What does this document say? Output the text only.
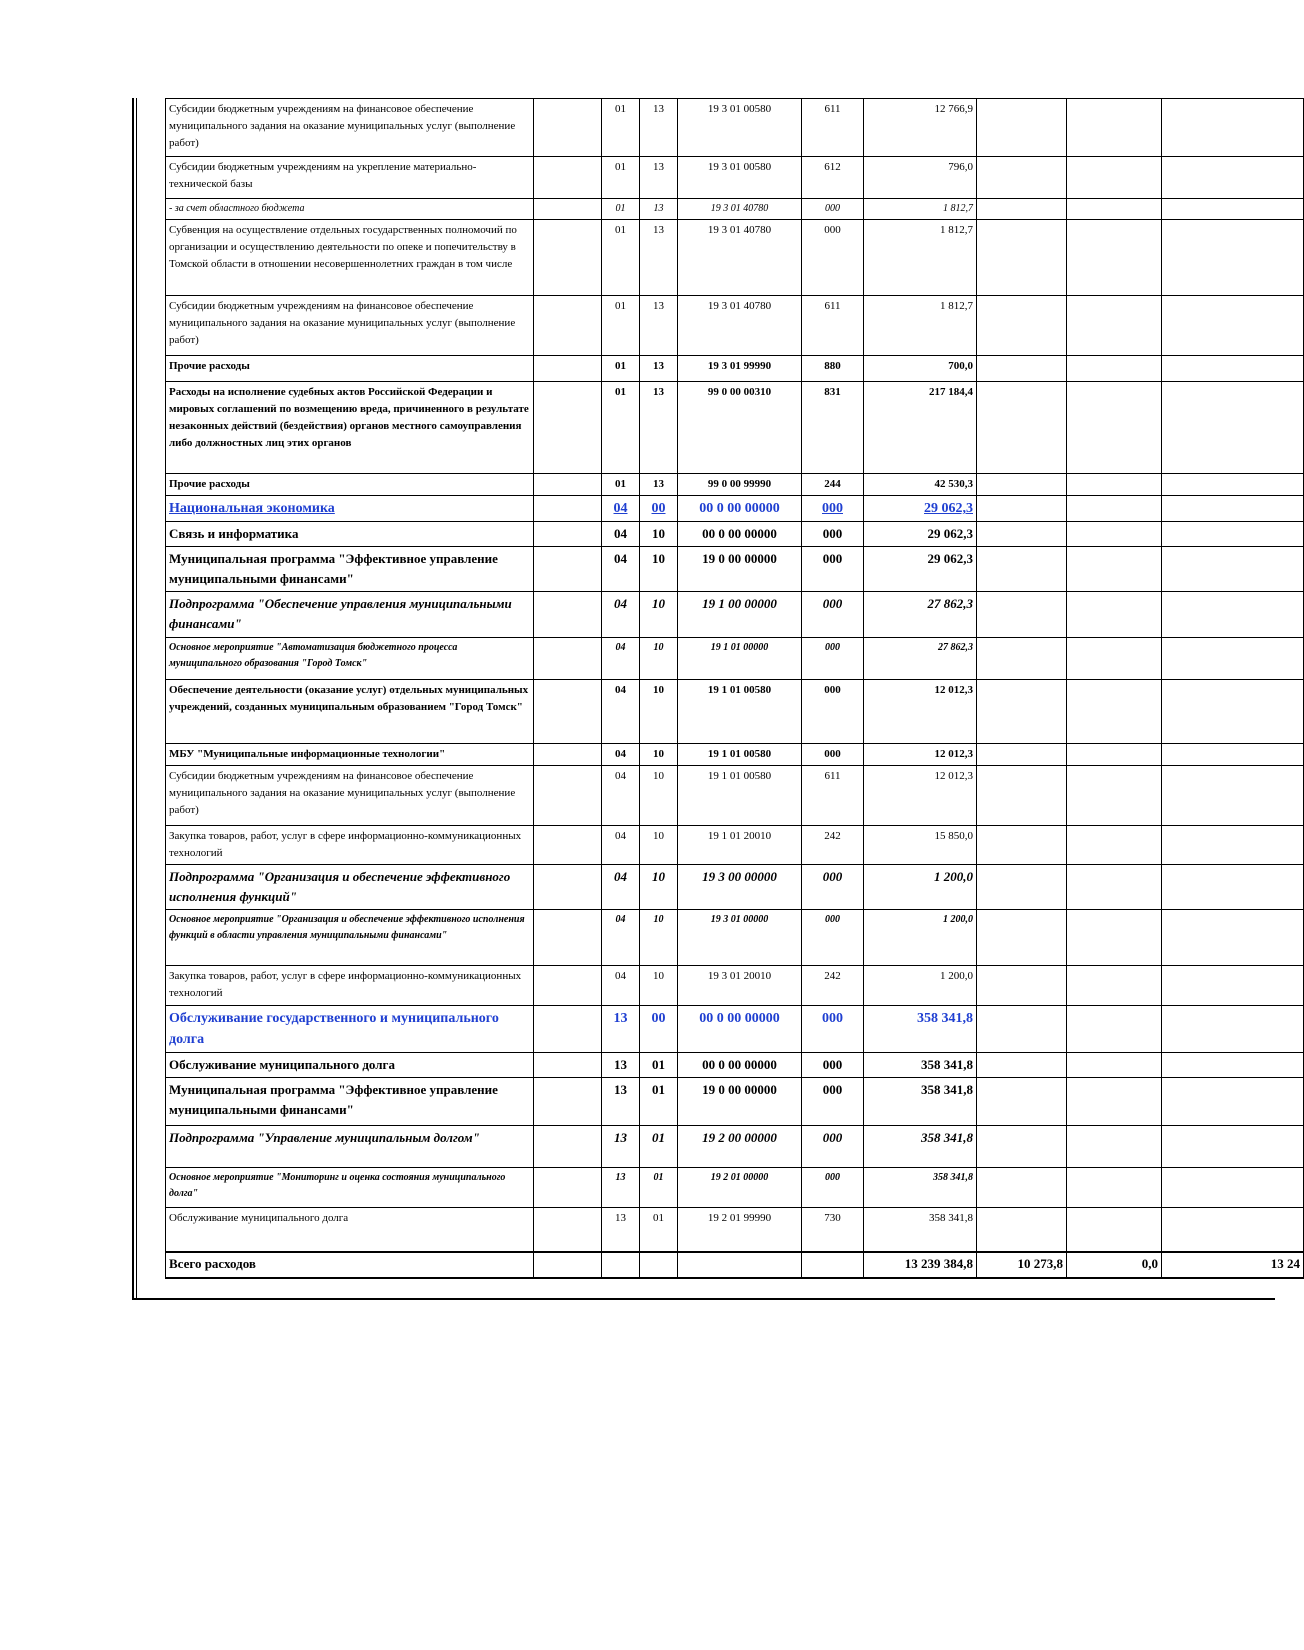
Субсидии бюджетным учреждениям на финансовое обеспечение муниципального задания на оказание муниципальных услуг (выполнение работ)		01	13	19 3 01 00580	611	12 766,9			
Субсидии бюджетным учреждениям на укрепление материально-технической базы		01	13	19 3 01 00580	612	796,0			
- за счет областного бюджета		01	13	19 3 01 40780	000	1 812,7			
Субвенция на осуществление отдельных государственных полномочий по организации и осуществлению деятельности по опеке и попечительству в Томской области в отношении несовершеннолетних граждан в том числе		01	13	19 3 01 40780	000	1 812,7			
Субсидии бюджетным учреждениям на финансовое обеспечение муниципального задания на оказание муниципальных услуг (выполнение работ)		01	13	19 3 01 40780	611	1 812,7			
Прочие расходы		01	13	19 3 01 99990	880	700,0			
Расходы на исполнение судебных актов Российской Федерации и мировых соглашений по возмещению вреда, причиненного в результате незаконных действий (бездействия) органов местного самоуправления либо должностных лиц этих органов		01	13	99 0 00 00310	831	217 184,4			
Прочие расходы		01	13	99 0 00 99990	244	42 530,3			
Национальная экономика		04	00	00 0 00 00000	000	29 062,3			
Связь и информатика		04	10	00 0 00 00000	000	29 062,3			
Муниципальная программа "Эффективное управление муниципальными финансами"		04	10	19 0 00 00000	000	29 062,3			
Подпрограмма "Обеспечение управления муниципальными финансами"		04	10	19 1 00 00000	000	27 862,3			
Основное мероприятие "Автоматизация бюджетного процесса муниципального образования "Город Томск"		04	10	19 1 01 00000	000	27 862,3			
Обеспечение деятельности (оказание услуг) отдельных муниципальных учреждений, созданных муниципальным образованием "Город Томск"		04	10	19 1 01 00580	000	12 012,3			
МБУ "Муниципальные информационные технологии"		04	10	19 1 01 00580	000	12 012,3			
Субсидии бюджетным учреждениям на финансовое обеспечение муниципального задания на оказание муниципальных услуг (выполнение работ)		04	10	19 1 01 00580	611	12 012,3			
Закупка товаров, работ, услуг в сфере информационно-коммуникационных технологий		04	10	19 1 01 20010	242	15 850,0			
Подпрограмма "Организация и обеспечение эффективного исполнения функций"		04	10	19 3 00 00000	000	1 200,0			
Основное мероприятие "Организация и обеспечение эффективного исполнения функций в области управления муниципальными финансами"		04	10	19 3 01 00000	000	1 200,0			
Закупка товаров, работ, услуг в сфере информационно-коммуникационных технологий		04	10	19 3 01 20010	242	1 200,0			
Обслуживание государственного и муниципального долга		13	00	00 0 00 00000	000	358 341,8			
Обслуживание муниципального долга		13	01	00 0 00 00000	000	358 341,8			
Муниципальная программа "Эффективное управление муниципальными финансами"		13	01	19 0 00 00000	000	358 341,8			
Подпрограмма "Управление муниципальным долгом"		13	01	19 2 00 00000	000	358 341,8			
Основное мероприятие "Мониторинг и оценка состояния муниципального долга"		13	01	19 2 01 00000	000	358 341,8			
Обслуживание муниципального долга		13	01	19 2 01 99990	730	358 341,8			
Всего расходов						13 239 384,8	10 273,8	0,0	13 24
